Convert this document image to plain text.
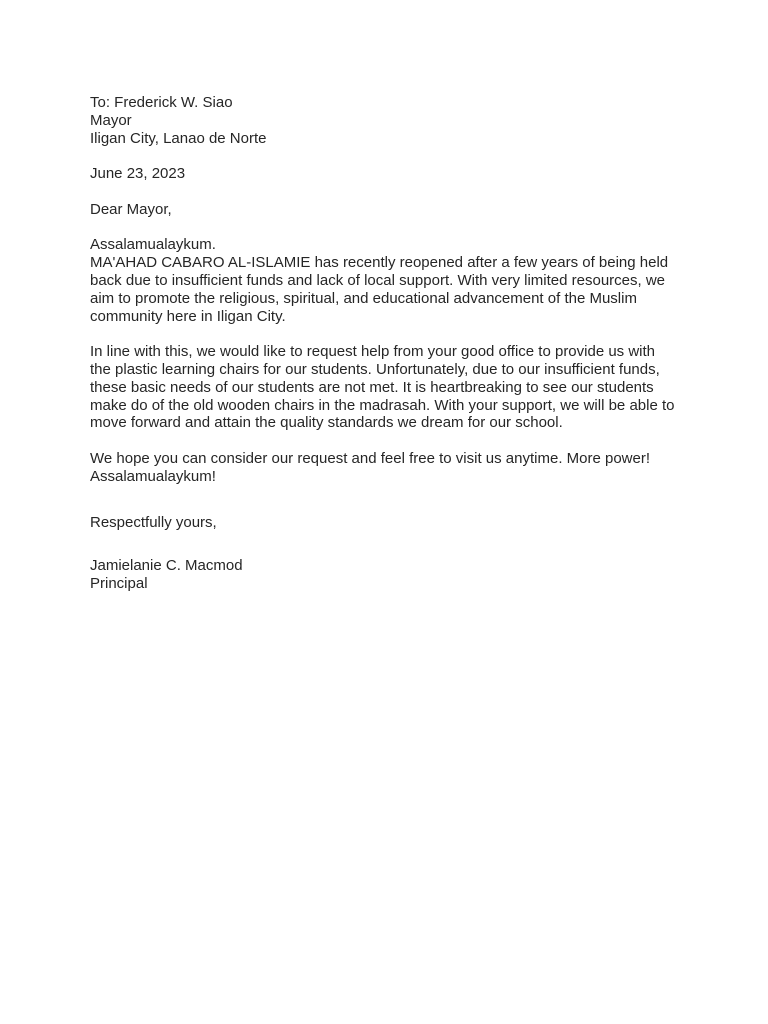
To: Frederick W. Siao
Mayor
Iligan City, Lanao de Norte
June 23, 2023
Dear Mayor,
Assalamualaykum.
MA'AHAD CABARO AL-ISLAMIE has recently reopened after a few years of being held
back due to insufficient funds and lack of local support. With very limited resources, we
aim to promote the religious, spiritual, and educational advancement of the Muslim
community here in Iligan City.
In line with this, we would like to request help from your good office to provide us with
the plastic learning chairs for our students. Unfortunately, due to our insufficient funds,
these basic needs of our students are not met. It is heartbreaking to see our students
make do of the old wooden chairs in the madrasah. With your support, we will be able to
move forward and attain the quality standards we dream for our school.
We hope you can consider our request and feel free to visit us anytime. More power!
Assalamualaykum!
Respectfully yours,
Jamielanie C. Macmod
Principal
